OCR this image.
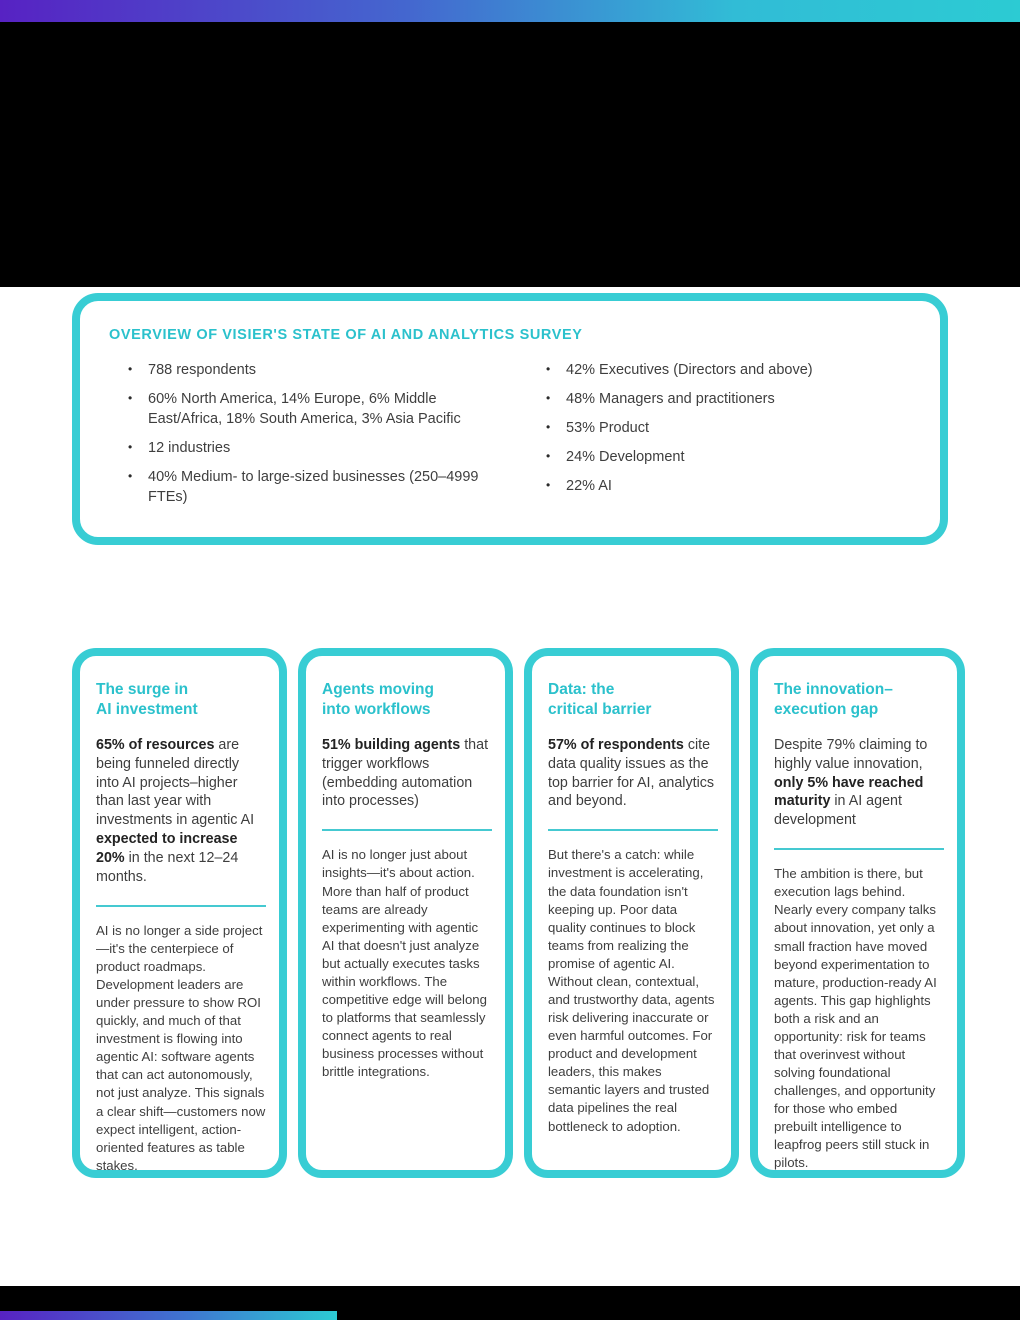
OVERVIEW OF VISIER'S STATE OF AI AND ANALYTICS SURVEY
• 788 respondents
• 60% North America, 14% Europe, 6% Middle East/Africa, 18% South America, 3% Asia Pacific
• 12 industries
• 40% Medium- to large-sized businesses (250–4999 FTEs)
• 42% Executives (Directors and above)
• 48% Managers and practitioners
• 53% Product
• 24% Development
• 22% AI
The surge in
AI investment

65% of resources are being funneled directly into AI projects–higher than last year with investments in agentic AI expected to increase 20% in the next 12–24 months.

AI is no longer a side project—it's the centerpiece of product roadmaps. Development leaders are under pressure to show ROI quickly, and much of that investment is flowing into agentic AI: software agents that can act autonomously, not just analyze. This signals a clear shift—customers now expect intelligent, action-oriented features as table stakes.

Agents moving
into workflows

51% building agents that trigger workflows (embedding automation into processes)

AI is no longer just about insights—it's about action. More than half of product teams are already experimenting with agentic AI that doesn't just analyze but actually executes tasks within workflows. The competitive edge will belong to platforms that seamlessly connect agents to real business processes without brittle integrations.

Data: the
critical barrier

57% of respondents cite data quality issues as the top barrier for AI, analytics and beyond.

But there's a catch: while investment is accelerating, the data foundation isn't keeping up. Poor data quality continues to block teams from realizing the promise of agentic AI. Without clean, contextual, and trustworthy data, agents risk delivering inaccurate or even harmful outcomes. For product and development leaders, this makes semantic layers and trusted data pipelines the real bottleneck to adoption.

The innovation–
execution gap

Despite 79% claiming to highly value innovation, only 5% have reached maturity in AI agent development

The ambition is there, but execution lags behind. Nearly every company talks about innovation, yet only a small fraction have moved beyond experimentation to mature, production-ready AI agents. This gap highlights both a risk and an opportunity: risk for teams that overinvest without solving foundational challenges, and opportunity for those who embed prebuilt intelligence to leapfrog peers still stuck in pilots.
